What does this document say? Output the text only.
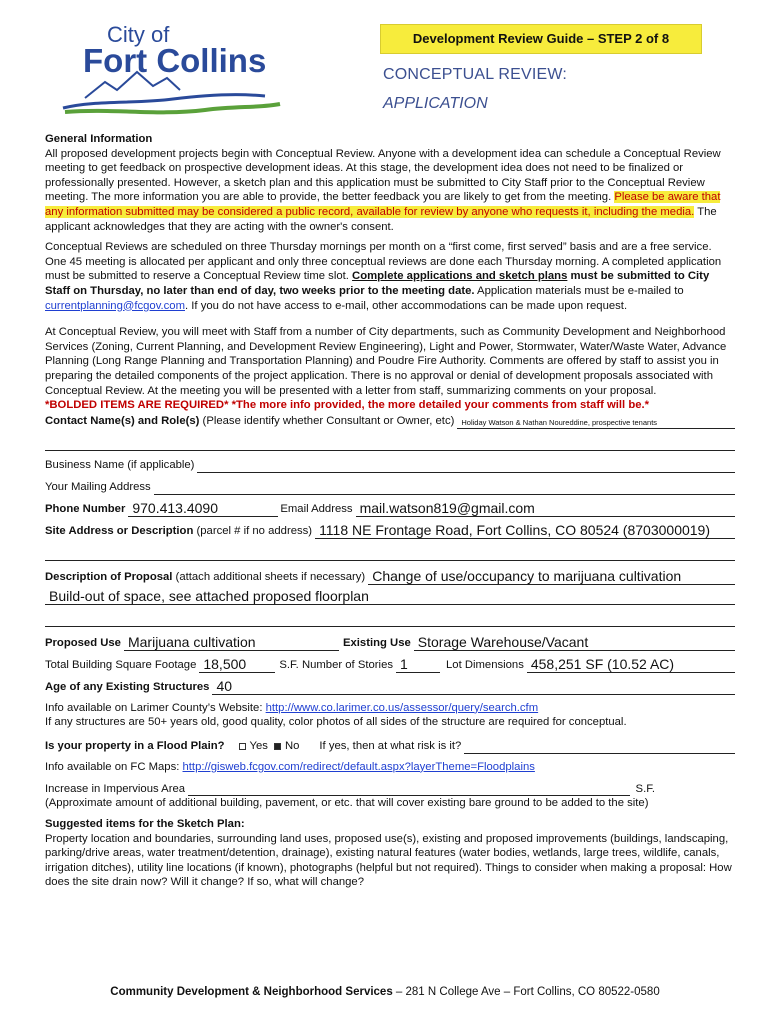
City of
Fort Collins
Development Review Guide – STEP 2 of 8
CONCEPTUAL REVIEW:
APPLICATION
General Information
All proposed development projects begin with Conceptual Review. Anyone with a development idea can schedule a Conceptual Review meeting to get feedback on prospective development ideas. At this stage, the development idea does not need to be finalized or professionally presented. However, a sketch plan and this application must be submitted to City Staff prior to the Conceptual Review meeting. The more information you are able to provide, the better feedback you are likely to get from the meeting. Please be aware that any information submitted may be considered a public record, available for review by anyone who requests it, including the media. The applicant acknowledges that they are acting with the owner's consent.
Conceptual Reviews are scheduled on three Thursday mornings per month on a “first come, first served” basis and are a free service. One 45 meeting is allocated per applicant and only three conceptual reviews are done each Thursday morning. A completed application must be submitted to reserve a Conceptual Review time slot. Complete applications and sketch plans must be submitted to City Staff on Thursday, no later than end of day, two weeks prior to the meeting date. Application materials must be e-mailed to currentplanning@fcgov.com. If you do not have access to e-mail, other accommodations can be made upon request.
At Conceptual Review, you will meet with Staff from a number of City departments, such as Community Development and Neighborhood Services (Zoning, Current Planning, and Development Review Engineering), Light and Power, Stormwater, Water/Waste Water, Advance Planning (Long Range Planning and Transportation Planning) and Poudre Fire Authority. Comments are offered by staff to assist you in preparing the detailed components of the project application. There is no approval or denial of development proposals associated with Conceptual Review. At the meeting you will be presented with a letter from staff, summarizing comments on your proposal.
*BOLDED ITEMS ARE REQUIRED* *The more info provided, the more detailed your comments from staff will be.*
Contact Name(s) and Role(s) (Please identify whether Consultant or Owner, etc) Holiday Watson & Nathan Noureddine, prospective tenants
Business Name (if applicable)
Your Mailing Address
Phone Number 970.413.4090	Email Address mail.watson819@gmail.com
Site Address or Description (parcel # if no address) 1118 NE Frontage Road, Fort Collins, CO 80524 (8703000019)
Description of Proposal (attach additional sheets if necessary) Change of use/occupancy to marijuana cultivation
Build-out of space, see attached proposed floorplan
Proposed Use Marijuana cultivation	Existing Use Storage Warehouse/Vacant
Total Building Square Footage 18,500	S.F. Number of Stories 1	Lot Dimensions 458,251 SF (10.52 AC)
Age of any Existing Structures 40
Info available on Larimer County’s Website: http://www.co.larimer.co.us/assessor/query/search.cfm
If any structures are 50+ years old, good quality, color photos of all sides of the structure are required for conceptual.
Is your property in a Flood Plain?	Yes No If yes, then at what risk is it?
Info available on FC Maps: http://gisweb.fcgov.com/redirect/default.aspx?layerTheme=Floodplains
Increase in Impervious Area	S.F.
(Approximate amount of additional building, pavement, or etc. that will cover existing bare ground to be added to the site)
Suggested items for the Sketch Plan:
Property location and boundaries, surrounding land uses, proposed use(s), existing and proposed improvements (buildings, landscaping, parking/drive areas, water treatment/detention, drainage), existing natural features (water bodies, wetlands, large trees, wildlife, canals, irrigation ditches), utility line locations (if known), photographs (helpful but not required). Things to consider when making a proposal: How does the site drain now? Will it change? If so, what will change?
Community Development & Neighborhood Services – 281 N College Ave – Fort Collins, CO 80522-0580
